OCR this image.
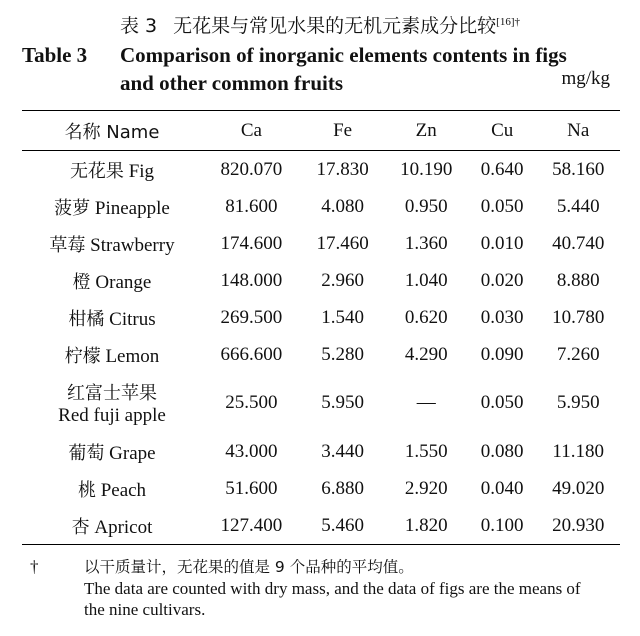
表 3 无花果与常见水果的无机元素成分比较$^{[16]\dagger}$
Table 3 Comparison of inorganic elements contents in figs
and other common fruits	mg/kg
名称 Name	Ca	Fe	Zn	Cu	Na
无花果 Fig	820.070	17.830	10.190	0.640	58.160
菠萝 Pineapple	81.600	4.080	0.950	0.050	5.440
草莓 Strawberry	174.600	17.460	1.360	0.010	40.740
橙 Orange	148.000	2.960	1.040	0.020	8.880
柑橘 Citrus	269.500	1.540	0.620	0.030	10.780
柠檬 Lemon	666.600	5.280	4.290	0.090	7.260
红富士苹果
Red fuji apple	25.500	5.950	—	0.050	5.950
葡萄 Grape	43.000	3.440	1.550	0.080	11.180
桃 Peach	51.600	6.880	2.920	0.040	49.020
杏 Apricot	127.400	5.460	1.820	0.100	20.930
†	以干质量计，无花果的值是 9 个品种的平均值。
The data are counted with dry mass, and the data of figs are the means of
the nine cultivars.
